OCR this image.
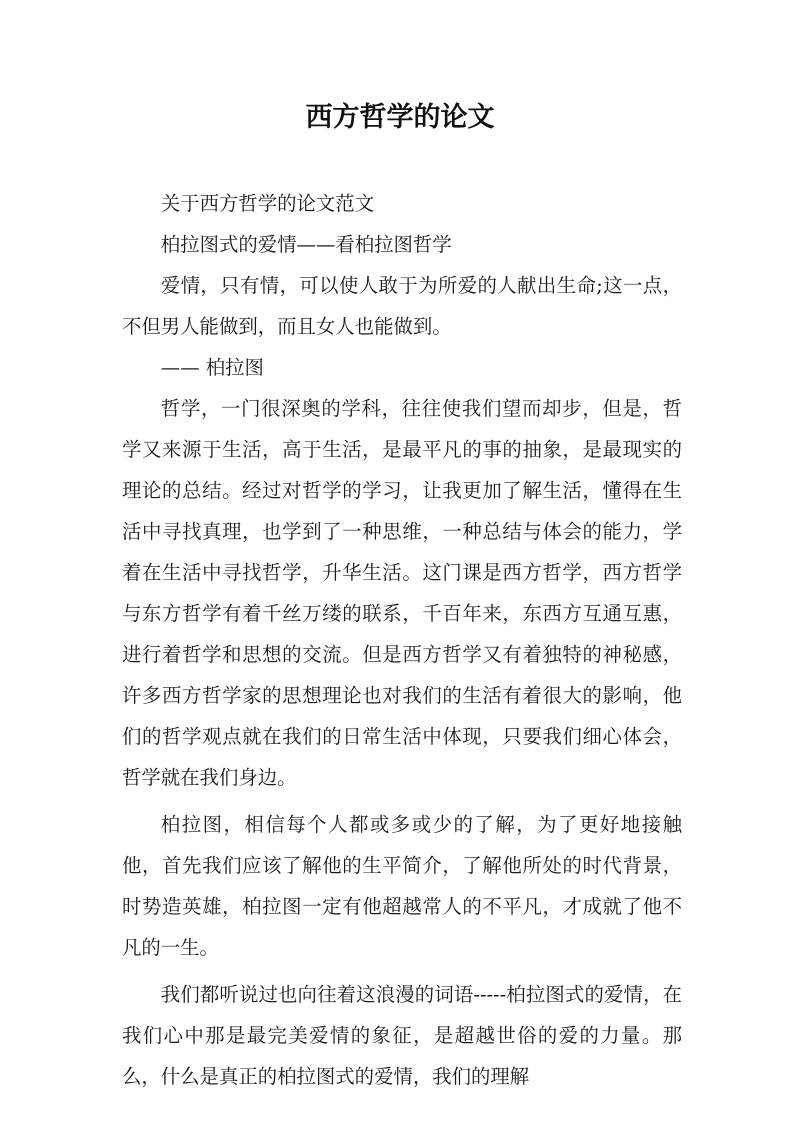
西方哲学的论文

关于西方哲学的论文范文

柏拉图式的爱情——看柏拉图哲学

爱情，只有情，可以使人敢于为所爱的人献出生命;这一点，不但男人能做到，而且女人也能做到。

—— 柏拉图

哲学，一门很深奥的学科，往往使我们望而却步，但是，哲学又来源于生活，高于生活，是最平凡的事的抽象，是最现实的理论的总结。经过对哲学的学习，让我更加了解生活，懂得在生活中寻找真理，也学到了一种思维，一种总结与体会的能力，学着在生活中寻找哲学，升华生活。这门课是西方哲学，西方哲学与东方哲学有着千丝万缕的联系，千百年来，东西方互通互惠，进行着哲学和思想的交流。但是西方哲学又有着独特的神秘感，许多西方哲学家的思想理论也对我们的生活有着很大的影响，他们的哲学观点就在我们的日常生活中体现，只要我们细心体会，哲学就在我们身边。

柏拉图，相信每个人都或多或少的了解，为了更好地接触他，首先我们应该了解他的生平简介，了解他所处的时代背景，时势造英雄，柏拉图一定有他超越常人的不平凡，才成就了他不凡的一生。

我们都听说过也向往着这浪漫的词语-----柏拉图式的爱情，在我们心中那是最完美爱情的象征，是超越世俗的爱的力量。那么，什么是真正的柏拉图式的爱情，我们的理解
